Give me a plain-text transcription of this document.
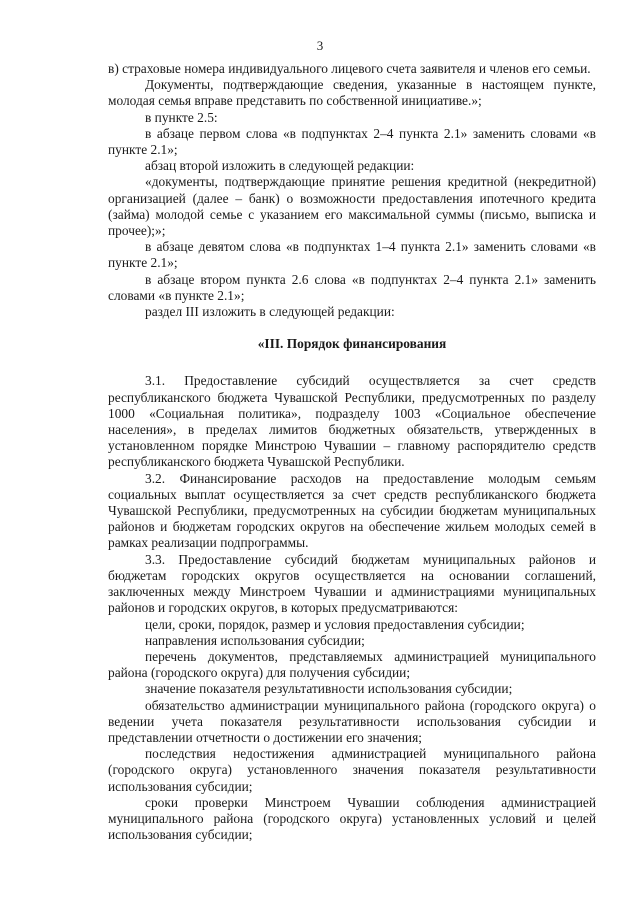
3

в) страховые номера индивидуального лицевого счета заявителя и членов его семьи.

Документы, подтверждающие сведения, указанные в настоящем пункте, молодая семья вправе представить по собственной инициативе.»;

в пункте 2.5:

в абзаце первом слова «в подпунктах 2–4 пункта 2.1» заменить словами «в пункте 2.1»;

абзац второй изложить в следующей редакции:

«документы, подтверждающие принятие решения кредитной (некредитной) организацией (далее – банк) о возможности предоставления ипотечного кредита (займа) молодой семье с указанием его максимальной суммы (письмо, выписка и прочее);»;

в абзаце девятом слова «в подпунктах 1–4 пункта 2.1» заменить словами «в пункте 2.1»;

в абзаце втором пункта 2.6 слова «в подпунктах 2–4 пункта 2.1» заменить словами «в пункте 2.1»;

раздел III изложить в следующей редакции:

«III. Порядок финансирования

3.1. Предоставление субсидий осуществляется за счет средств республиканского бюджета Чувашской Республики, предусмотренных по разделу 1000 «Социальная политика», подразделу 1003 «Социальное обеспечение населения», в пределах лимитов бюджетных обязательств, утвержденных в установленном порядке Минстрою Чувашии – главному распорядителю средств республиканского бюджета Чувашской Республики.

3.2. Финансирование расходов на предоставление молодым семьям социальных выплат осуществляется за счет средств республиканского бюджета Чувашской Республики, предусмотренных на субсидии бюджетам муниципальных районов и бюджетам городских округов на обеспечение жильем молодых семей в рамках реализации подпрограммы.

3.3. Предоставление субсидий бюджетам муниципальных районов и бюджетам городских округов осуществляется на основании соглашений, заключенных между Минстроем Чувашии и администрациями муниципальных районов и городских округов, в которых предусматриваются:

цели, сроки, порядок, размер и условия предоставления субсидии;

направления использования субсидии;

перечень документов, представляемых администрацией муниципального района (городского округа) для получения субсидии;

значение показателя результативности использования субсидии;

обязательство администрации муниципального района (городского округа) о ведении учета показателя результативности использования субсидии и представлении отчетности о достижении его значения;

последствия недостижения администрацией муниципального района (городского округа) установленного значения показателя результативности использования субсидии;

сроки проверки Минстроем Чувашии соблюдения администрацией муниципального района (городского округа) установленных условий и целей использования субсидии;
